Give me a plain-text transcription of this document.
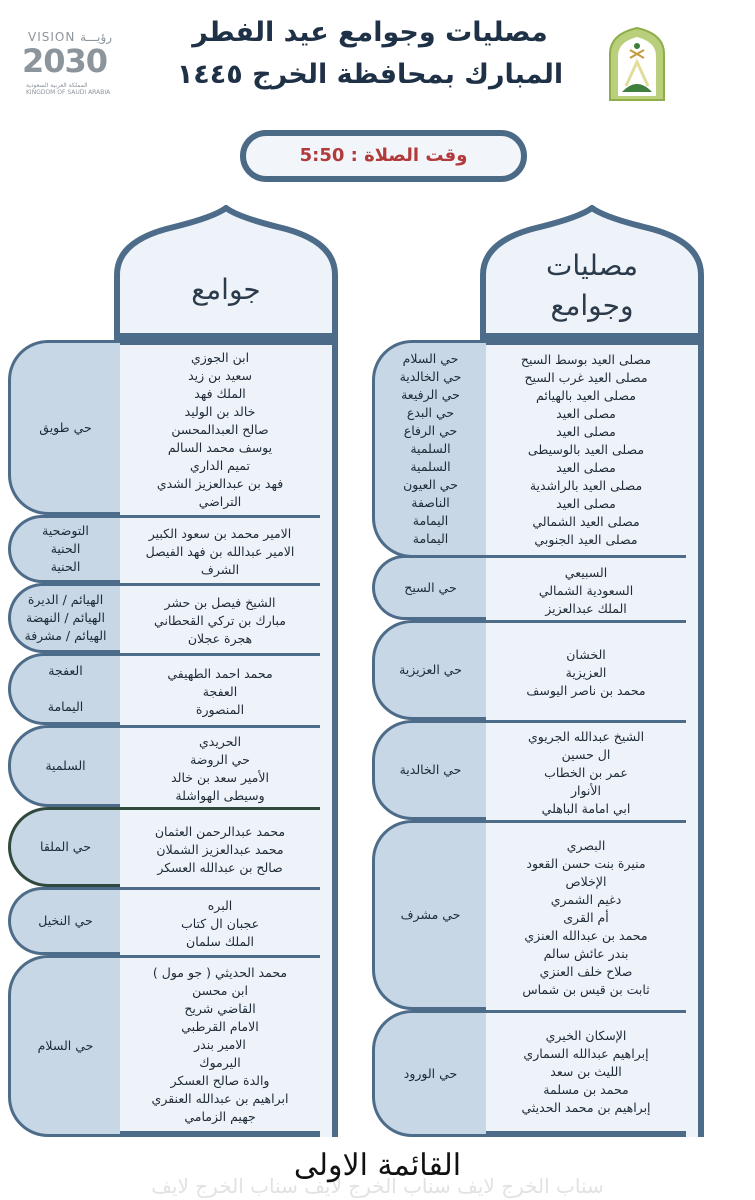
VISION رؤيـــة
2030
المملكة العربية السعودية KINGDOM OF SAUDI ARABIA
مصليات وجوامع عيد الفطر
المبارك بمحافظة الخرج ١٤٤٥
وقت الصلاة : 5:50
مصليات
وجوامع
حي السلام
حي الخالدية
حي الرفيعة
حي البدع
حي الرفاع
السلمية
السلمية
حي العيون
الناصفة
اليمامة
اليمامة
مصلى العيد بوسط السيح
مصلى العيد غرب السيح
مصلى العيد بالهيائم
مصلى العيد
مصلى العيد
مصلى العيد بالوسيطى
مصلى العيد
مصلى العيد بالراشدية
مصلى العيد
مصلى العيد الشمالي
مصلى العيد الجنوبي
حي السيح
السبيعي
السعودية الشمالي
الملك عبدالعزيز
حي العزيزية
الخشان
العزيزية
محمد بن ناصر اليوسف
حي الخالدية
الشيخ عبدالله الجريوي
ال حسين
عمر بن الخطاب
الأنوار
ابي امامة الباهلي
حي مشرف
البصري
منيرة بنت حسن القعود
الإخلاص
دغيم الشمري
أم القرى
محمد بن عبدالله العنزي
بندر عائش سالم
صلاح خلف العنزي
ثابت بن قيس بن شماس
حي الورود
الإسكان الخيري
إبراهيم عبدالله السماري
الليث بن سعد
محمد بن مسلمة
إبراهيم بن محمد الحديثي
جوامع
حي طويق
ابن الجوزي
سعيد بن زيد
الملك فهد
خالد بن الوليد
صالح العبدالمحسن
يوسف محمد السالم
تميم الداري
فهد بن عبدالعزيز الشدي
التراضي
التوضحية
الحنية
الحنية
الامير محمد بن سعود الكبير
الامير عبدالله بن فهد الفيصل
الشرف
الهيائم / الديرة
الهيائم / النهضة
الهيائم / مشرفة
الشيخ فيصل بن حشر
مبارك بن تركي القحطاني
هجرة عجلان
العفجة
اليمامة
محمد احمد الطهيفي
العفجة
المنصورة
السلمية
الحريدي
حي الروضة
الأمير سعد بن خالد
وسيطى الهواشلة
حي الملقا
محمد عبدالرحمن العثمان
محمد عبدالعزيز الشملان
صالح بن عبدالله العسكر
حي النخيل
البره
عجبان ال كتاب
الملك سلمان
حي السلام
محمد الحديثي ( جو مول )
ابن محسن
القاضي شريح
الامام القرطبي
الامير بندر
اليرموك
والدة صالح العسكر
ابراهيم بن عبدالله العنقري
جهيم الزمامي
سناب الخرج لايف سناب الخرج لايف سناب الخرج لايف
القائمة الاولى
